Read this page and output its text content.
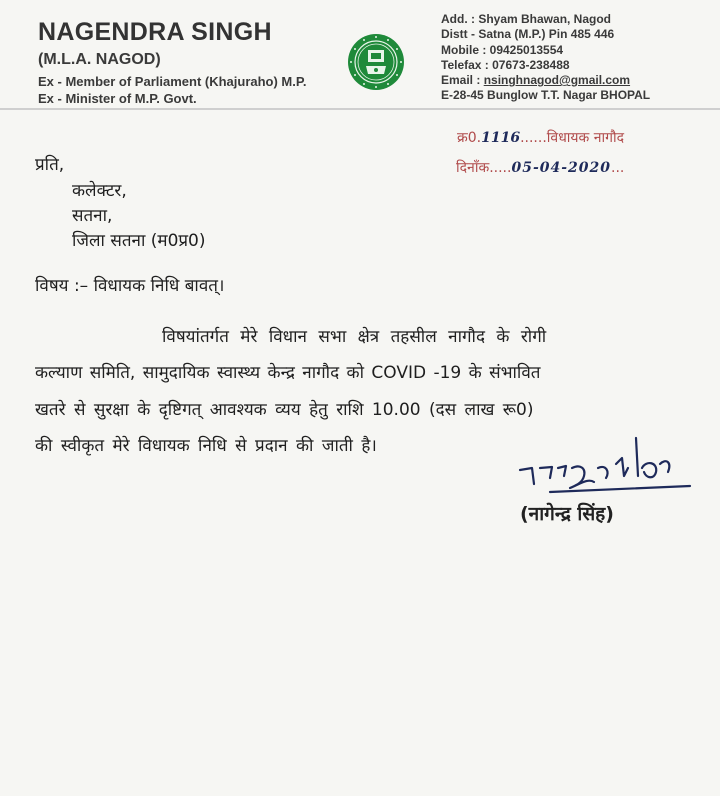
NAGENDRA SINGH
(M.L.A. NAGOD)
Ex - Member of Parliament (Khajuraho) M.P.
Ex - Minister of M.P. Govt.
Add. : Shyam Bhawan, Nagod
Distt - Satna (M.P.) Pin 485 446
Mobile : 09425013554
Telefax : 07673-238488
Email : nsinghnagod@gmail.com
E-28-45 Bunglow T.T. Nagar BHOPAL
क्र0.1116......विधायक नागौद
दिनाँक.....05-04-2020...
प्रति,
कलेक्टर,
सतना,
जिला सतना (म0प्र0)
विषय :– विधायक निधि बावत्।
विषयांतर्गत मेरे विधान सभा क्षेत्र तहसील नागौद के रोगी
कल्याण समिति, सामुदायिक स्वास्थ्य केन्द्र नागौद को COVID -19 के संभावित
खतरे से सुरक्षा के दृष्टिगत् आवश्यक व्यय हेतु राशि 10.00 (दस लाख रू0)
की स्वीकृत मेरे विधायक निधि से प्रदान की जाती है।
(नागेन्द्र सिंह)
